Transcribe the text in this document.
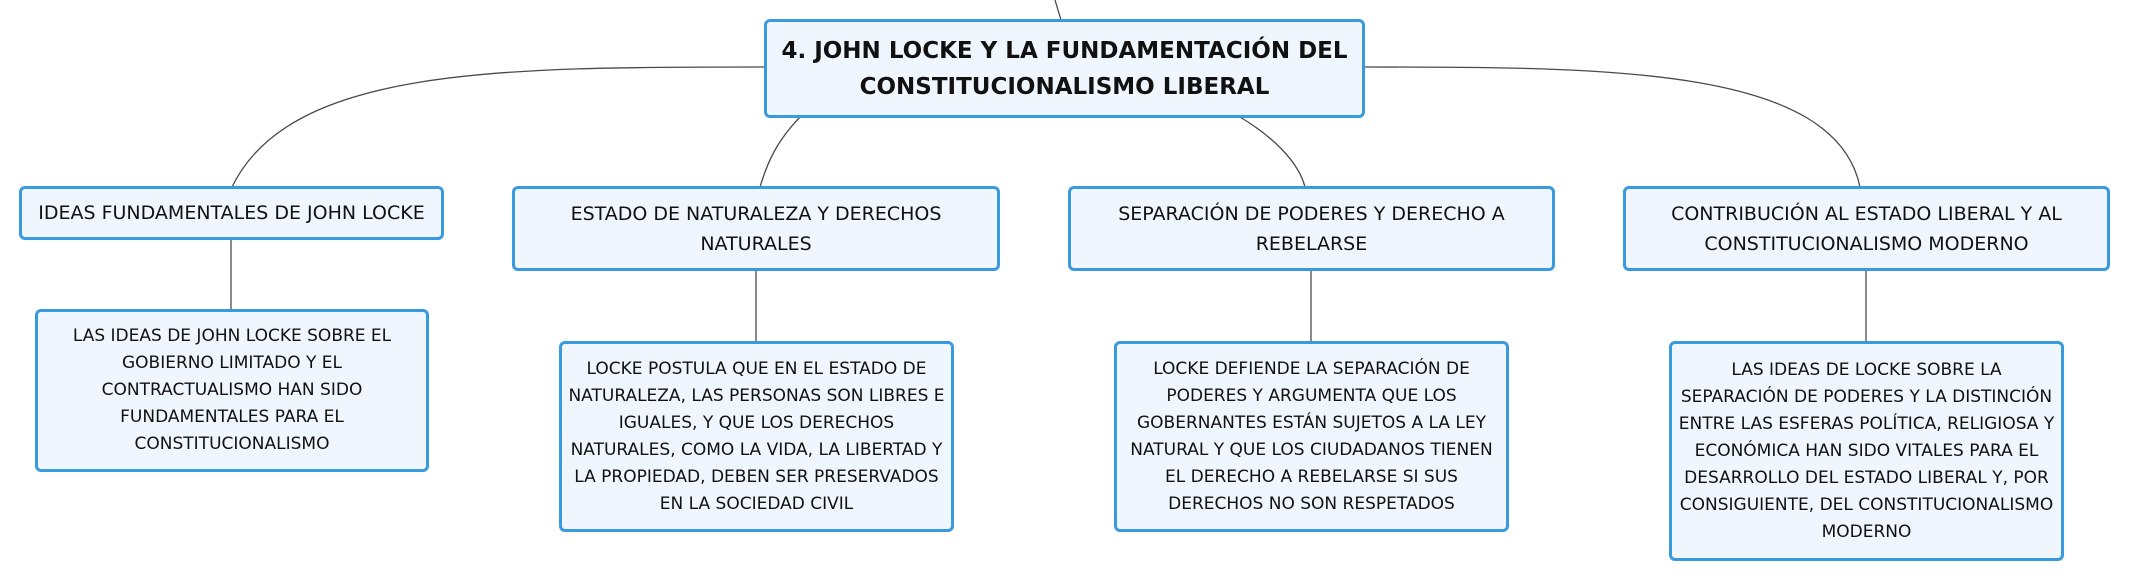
4. JOHN LOCKE Y LA FUNDAMENTACIÓN DEL CONSTITUCIONALISMO LIBERAL
IDEAS FUNDAMENTALES DE JOHN LOCKE	ESTADO DE NATURALEZA Y DERECHOS NATURALES
SEPARACIÓN DE PODERES Y DERECHO A REBELARSE
CONTRIBUCIÓN AL ESTADO LIBERAL Y AL CONSTITUCIONALISMO MODERNO
LAS IDEAS DE JOHN LOCKE SOBRE EL GOBIERNO LIMITADO Y EL CONTRACTUALISMO HAN SIDO FUNDAMENTALES PARA EL CONSTITUCIONALISMO
LOCKE POSTULA QUE EN EL ESTADO DE NATURALEZA, LAS PERSONAS SON LIBRES E IGUALES, Y QUE LOS DERECHOS NATURALES, COMO LA VIDA, LA LIBERTAD Y LA PROPIEDAD, DEBEN SER PRESERVADOS EN LA SOCIEDAD CIVIL
LOCKE DEFIENDE LA SEPARACIÓN DE PODERES Y ARGUMENTA QUE LOS GOBERNANTES ESTÁN SUJETOS A LA LEY NATURAL Y QUE LOS CIUDADANOS TIENEN EL DERECHO A REBELARSE SI SUS DERECHOS NO SON RESPETADOS
LAS IDEAS DE LOCKE SOBRE LA SEPARACIÓN DE PODERES Y LA DISTINCIÓN ENTRE LAS ESFERAS POLÍTICA, RELIGIOSA Y ECONÓMICA HAN SIDO VITALES PARA EL DESARROLLO DEL ESTADO LIBERAL Y, POR CONSIGUIENTE, DEL CONSTITUCIONALISMO MODERNO
